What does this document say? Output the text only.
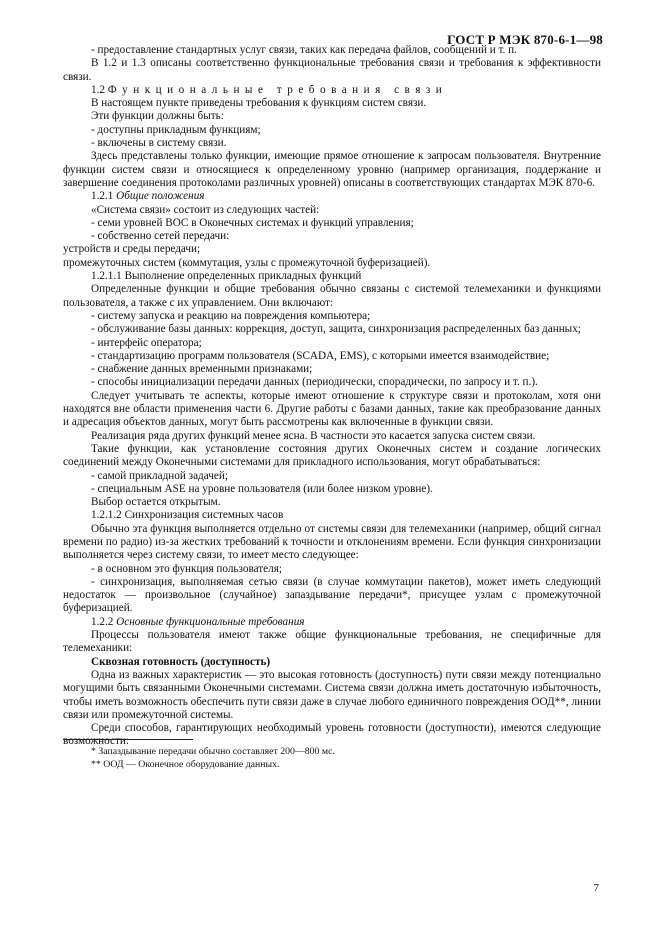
ГОСТ Р МЭК 870-6-1—98

- предоставление стандартных услуг связи, таких как передача файлов, сообщений и т. п.

В 1.2 и 1.3 описаны соответственно функциональные требования связи и требования к эффективности связи.

1.2 Функциональные требования связи

В настоящем пункте приведены требования к функциям систем связи.

Эти функции должны быть:

- доступны прикладным функциям;

- включены в систему связи.

Здесь представлены только функции, имеющие прямое отношение к запросам пользователя. Внутренние функции систем связи и относящиеся к определенному уровню (например организация, поддержание и завершение соединения протоколами различных уровней) описаны в соответствующих стандартах МЭК 870-6.

1.2.1 Общие положения

«Система связи» состоит из следующих частей:

- семи уровней ВОС в Оконечных системах и функций управления;

- собственно сетей передачи:

устройств и среды передачи;

промежуточных систем (коммутация, узлы с промежуточной буферизацией).

1.2.1.1 Выполнение определенных прикладных функций

Определенные функции и общие требования обычно связаны с системой телемеханики и функциями пользователя, а также с их управлением. Они включают:

- систему запуска и реакцию на повреждения компьютера;

- обслуживание базы данных: коррекция, доступ, защита, синхронизация распределенных баз данных;

- интерфейс оператора;

- стандартизацию программ пользователя (SCADA, EMS), с которыми имеется взаимодействие;

- снабжение данных временными признаками;

- способы инициализации передачи данных (периодически, спорадически, по запросу и т. п.).

Следует учитывать те аспекты, которые имеют отношение к структуре связи и протоколам, хотя они находятся вне области применения части 6. Другие работы с базами данных, такие как преобразование данных и адресация объектов данных, могут быть рассмотрены как включенные в функции связи.

Реализация ряда других функций менее ясна. В частности это касается запуска систем связи.

Такие функции, как установление состояния других Оконечных систем и создание логических соединений между Оконечными системами для прикладного использования, могут обрабатываться:

- самой прикладной задачей;

- специальным ASE на уровне пользователя (или более низком уровне).

Выбор остается открытым.

1.2.1.2 Синхронизация системных часов

Обычно эта функция выполняется отдельно от системы связи для телемеханики (например, общий сигнал времени по радио) из-за жестких требований к точности и отклонениям времени. Если функция синхронизации выполняется через систему связи, то имеет место следующее:

- в основном это функция пользователя;

- синхронизация, выполняемая сетью связи (в случае коммутации пакетов), может иметь следующий недостаток — произвольное (случайное) запаздывание передачи*, присущее узлам с промежуточной буферизацией.

1.2.2 Основные функциональные требования

Процессы пользователя имеют также общие функциональные требования, не специфичные для телемеханики:

Сквозная готовность (доступность)

Одна из важных характеристик — это высокая готовность (доступность) пути связи между потенциально могущими быть связанными Оконечными системами. Система связи должна иметь достаточную избыточность, чтобы иметь возможность обеспечить пути связи даже в случае любого единичного повреждения ООД**, линии связи или промежуточной системы.

Среди способов, гарантирующих необходимый уровень готовности (доступности), имеются следующие возможности:

* Запаздывание передачи обычно составляет 200—800 мс.

** ООД — Оконечное оборудование данных.

7
